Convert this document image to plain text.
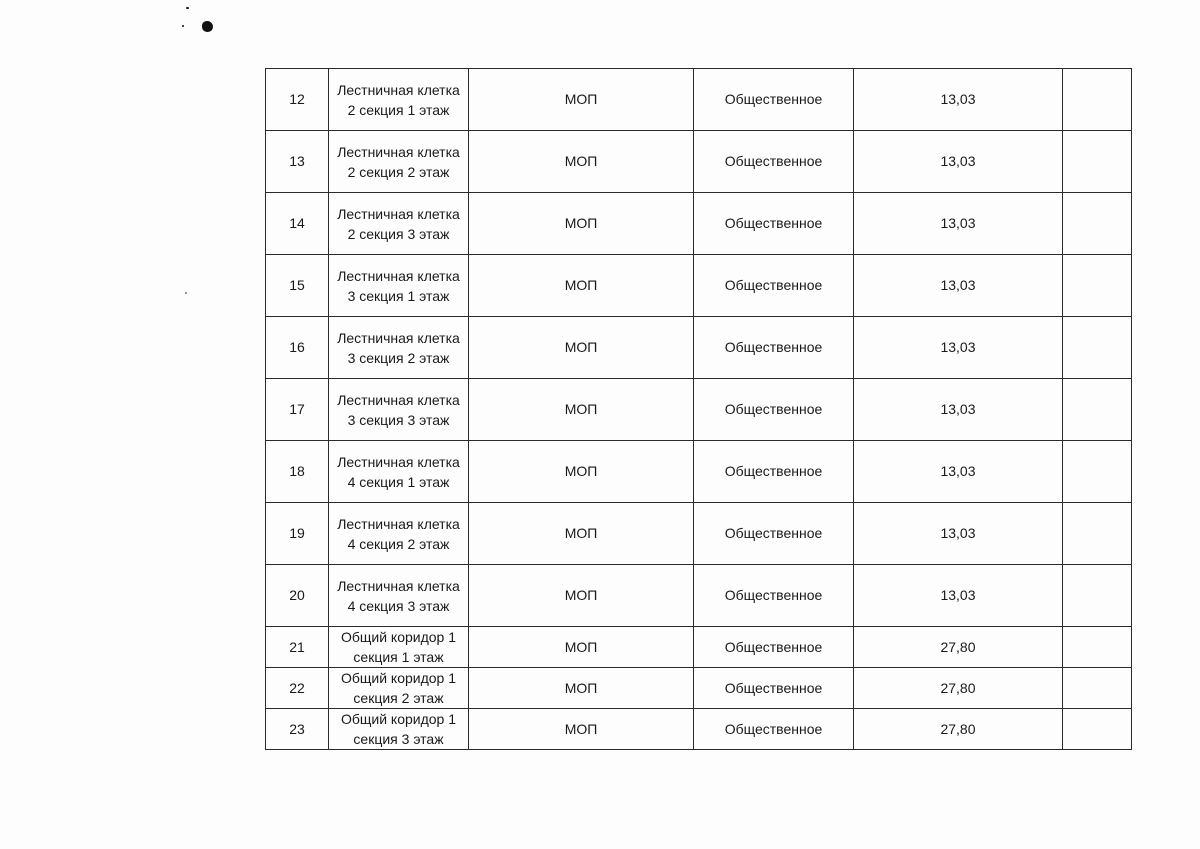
12	Лестничная клетка
2 секция 1 этаж	МОП	Общественное	13,03	
13	Лестничная клетка
2 секция 2 этаж	МОП	Общественное	13,03	
14	Лестничная клетка
2 секция 3 этаж	МОП	Общественное	13,03	
15	Лестничная клетка
3 секция 1 этаж	МОП	Общественное	13,03	
16	Лестничная клетка
3 секция 2 этаж	МОП	Общественное	13,03	
17	Лестничная клетка
3 секция 3 этаж	МОП	Общественное	13,03	
18	Лестничная клетка
4 секция 1 этаж	МОП	Общественное	13,03	
19	Лестничная клетка
4 секция 2 этаж	МОП	Общественное	13,03	
20	Лестничная клетка
4 секция 3 этаж	МОП	Общественное	13,03	
21	Общий коридор 1
секция 1 этаж	МОП	Общественное	27,80	
22	Общий коридор 1
секция 2 этаж	МОП	Общественное	27,80	
23	Общий коридор 1
секция 3 этаж	МОП	Общественное	27,80	
